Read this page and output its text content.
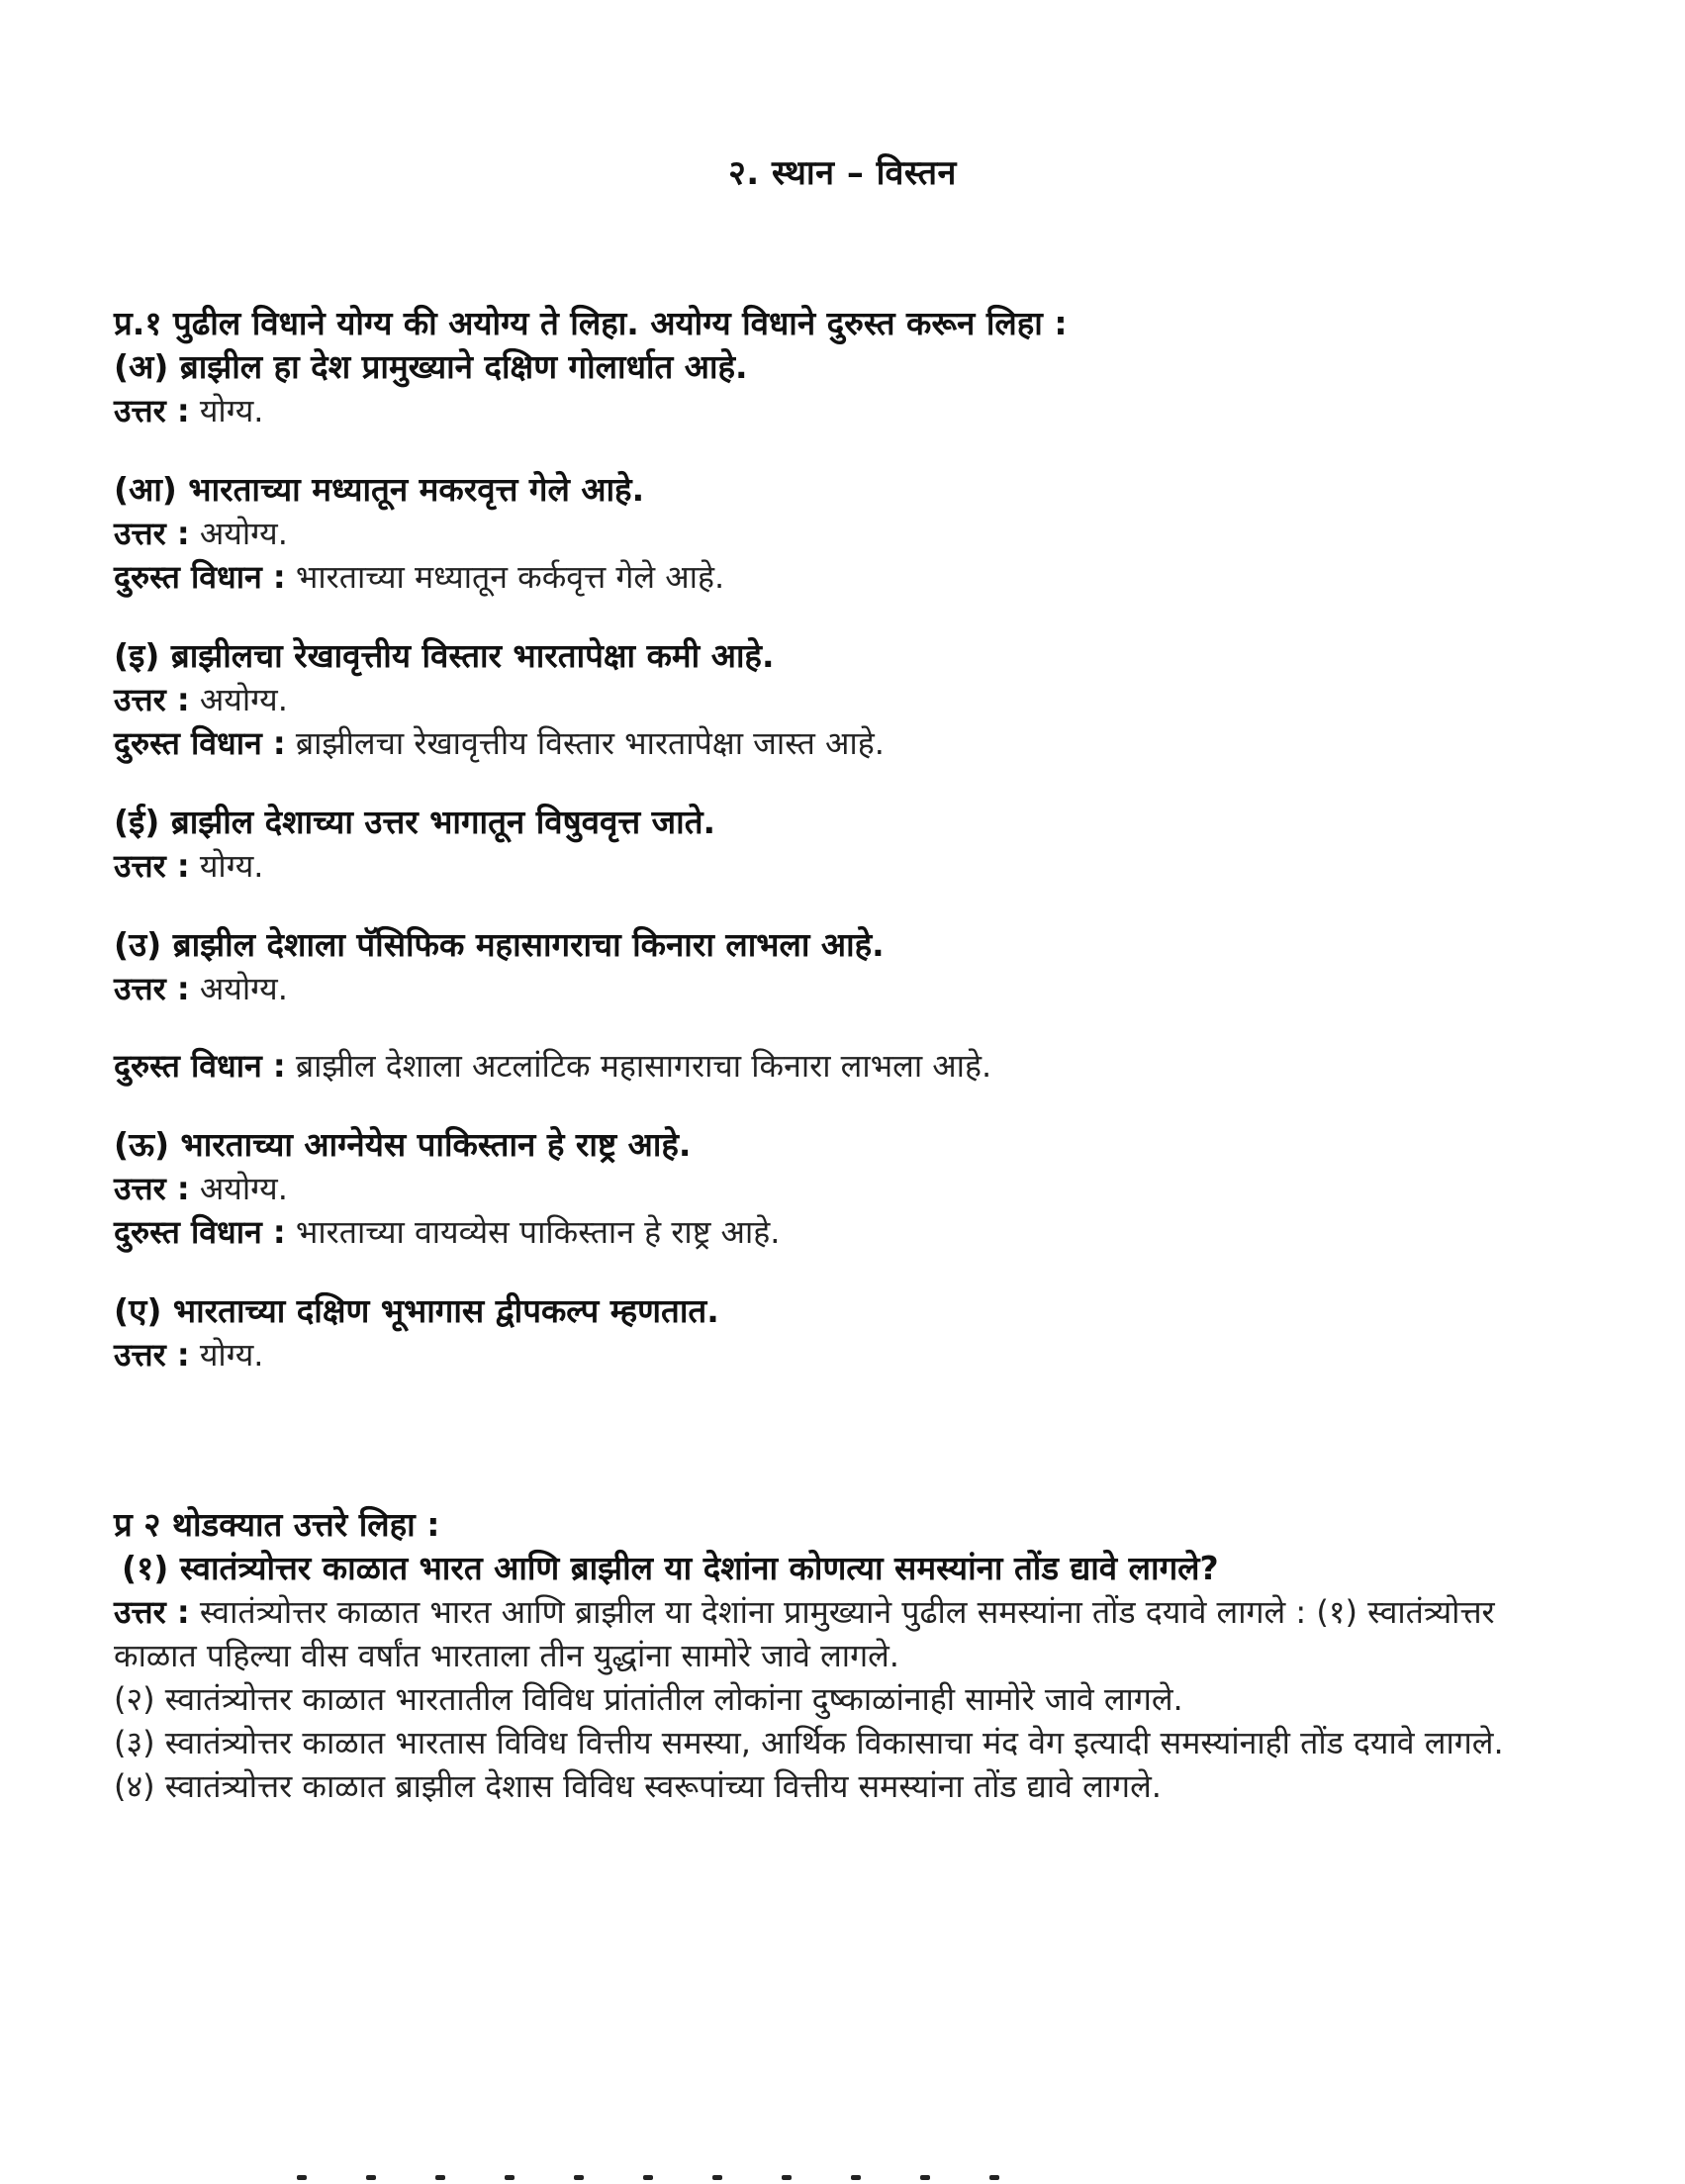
२. स्थान – विस्तन
प्र.१ पुढील विधाने योग्य की अयोग्य ते लिहा. अयोग्य विधाने दुरुस्त करून लिहा :
(अ) ब्राझील हा देश प्रामुख्याने दक्षिण गोलार्धात आहे.
उत्तर : योग्य.
(आ) भारताच्या मध्यातून मकरवृत्त गेले आहे.
उत्तर : अयोग्य.
दुरुस्त विधान : भारताच्या मध्यातून कर्कवृत्त गेले आहे.
(इ) ब्राझीलचा रेखावृत्तीय विस्तार भारतापेक्षा कमी आहे.
उत्तर : अयोग्य.
दुरुस्त विधान : ब्राझीलचा रेखावृत्तीय विस्तार भारतापेक्षा जास्त आहे.
(ई) ब्राझील देशाच्या उत्तर भागातून विषुववृत्त जाते.
उत्तर : योग्य.
(उ) ब्राझील देशाला पॅसिफिक महासागराचा किनारा लाभला आहे.
उत्तर : अयोग्य.
दुरुस्त विधान : ब्राझील देशाला अटलांटिक महासागराचा किनारा लाभला आहे.
(ऊ) भारताच्या आग्नेयेस पाकिस्तान हे राष्ट्र आहे.
उत्तर : अयोग्य.
दुरुस्त विधान : भारताच्या वायव्येस पाकिस्तान हे राष्ट्र आहे.
(ए) भारताच्या दक्षिण भूभागास द्वीपकल्प म्हणतात.
उत्तर : योग्य.
प्र २ थोडक्यात उत्तरे लिहा :
(१) स्वातंत्र्योत्तर काळात भारत आणि ब्राझील या देशांना कोणत्या समस्यांना तोंड द्यावे लागले?
उत्तर : स्वातंत्र्योत्तर काळात भारत आणि ब्राझील या देशांना प्रामुख्याने पुढील समस्यांना तोंड दयावे लागले : (१) स्वातंत्र्योत्तर काळात पहिल्या वीस वर्षांत भारताला तीन युद्धांना सामोरे जावे लागले.
(२) स्वातंत्र्योत्तर काळात भारतातील विविध प्रांतांतील लोकांना दुष्काळांनाही सामोरे जावे लागले.
(३) स्वातंत्र्योत्तर काळात भारतास विविध वित्तीय समस्या, आर्थिक विकासाचा मंद वेग इत्यादी समस्यांनाही तोंड दयावे लागले.
(४) स्वातंत्र्योत्तर काळात ब्राझील देशास विविध स्वरूपांच्या वित्तीय समस्यांना तोंड द्यावे लागले.
